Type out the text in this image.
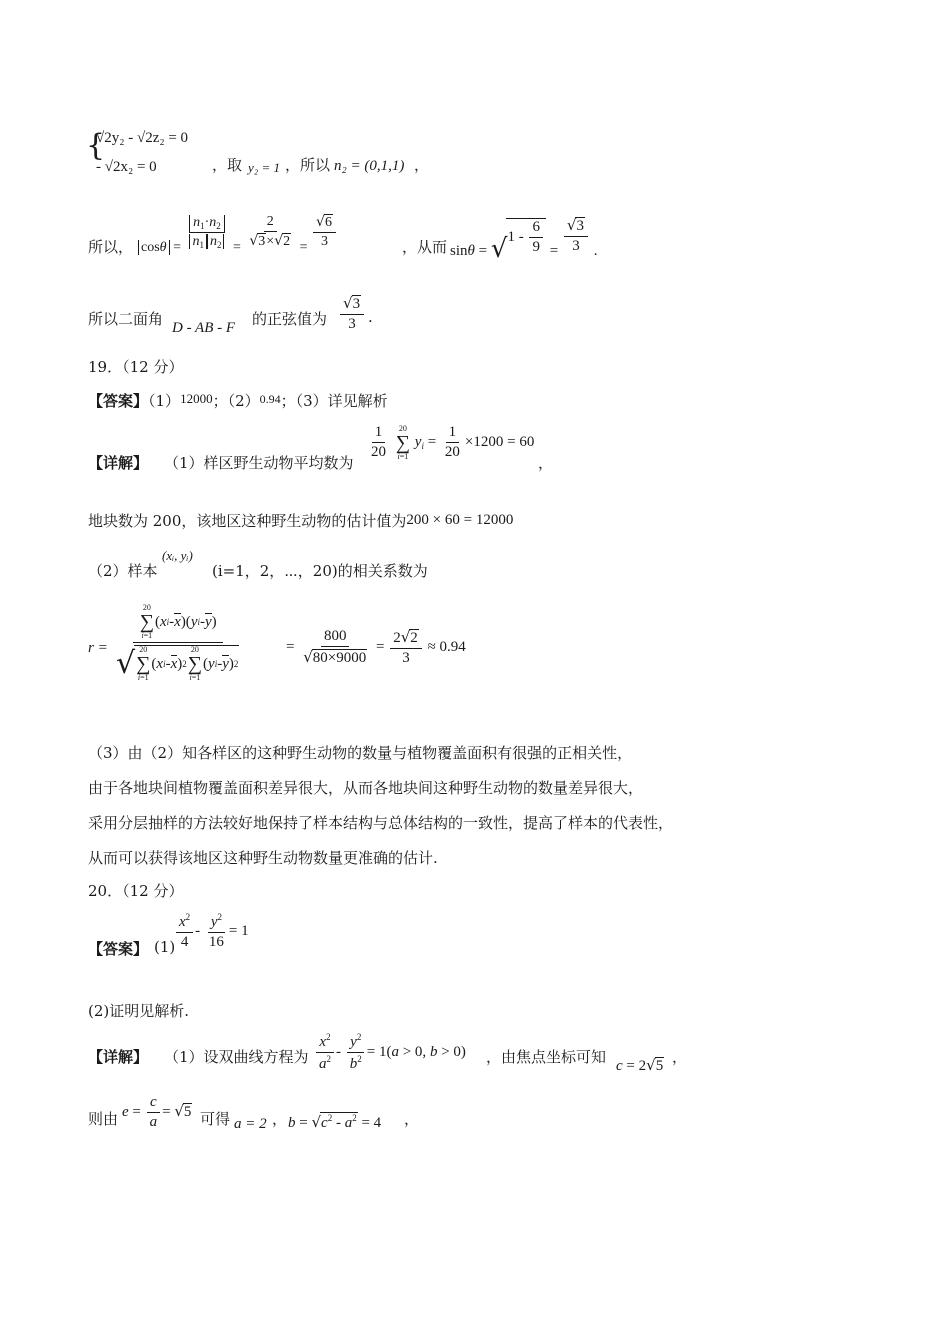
{
√2y₂ - √2z₂ = 0
- √2x₂ = 0	，取 y₂ = 1 ，所以 n₂ = (0,1,1) ，
所以， $\cos\theta = \frac{n_1\cdot n_2}{n_1 n_2} = \frac{2}{√3\times√2} = \frac{√6}{3}$	，从而 $\sin\theta = √1 - \frac{6}{9} = \frac{√3}{3}$ .
所以二面角 D - AB - F 的正弦值为 $\frac{√3}{3}$ .
19．（12 分）
【答案】（1）12000；$(2)^{0.94}$；（3）详见解析
【详解】 （1）样区野生动物平均数为
$\frac{1}{20}$
20
∑
i=1
$y_i = \frac{1}{20} \times 1200 = 60$
，
地块数为 200，该地区这种野生动物的估计值为200 × 60 = 12000
（2）样本
(xᵢ, yᵢ)
(i=1，2，⋯，20)的相关系数为
r =
20
∑
i=1
( x i - x )( y i - y )
√ 20
∑
i=1
( x i - x ) 2
20
∑
i=1
( y i - y ) 2
= $\frac{800}{√80\times 9000} = \frac{2√2}{3} \approx 0.94$
（3）由（2）知各样区的这种野生动物的数量与植物覆盖面积有很强的正相关性，
由于各地块间植物覆盖面积差异很大，从而各地块间这种野生动物的数量差异很大，
采用分层抽样的方法较好地保持了样本结构与总体结构的一致性，提高了样本的代表性，
从而可以获得该地区这种野生动物数量更准确的估计.
20．（12 分）
【答案】 $(1) \frac{x^2}{4} - \frac{y^2}{16} = 1$
(2)证明见解析.
【详解】 （1）设双曲线方程为 $\frac{x^2}{a^2} - \frac{y^2}{b^2} = 1(a > 0$, b > 0) ，由焦点坐标可知 c = 2√5 ，
则由 $e = \frac{c}{a} = √5$ 可得 a = 2 ， $b = √c^2 - a^2 = 4$ ，
